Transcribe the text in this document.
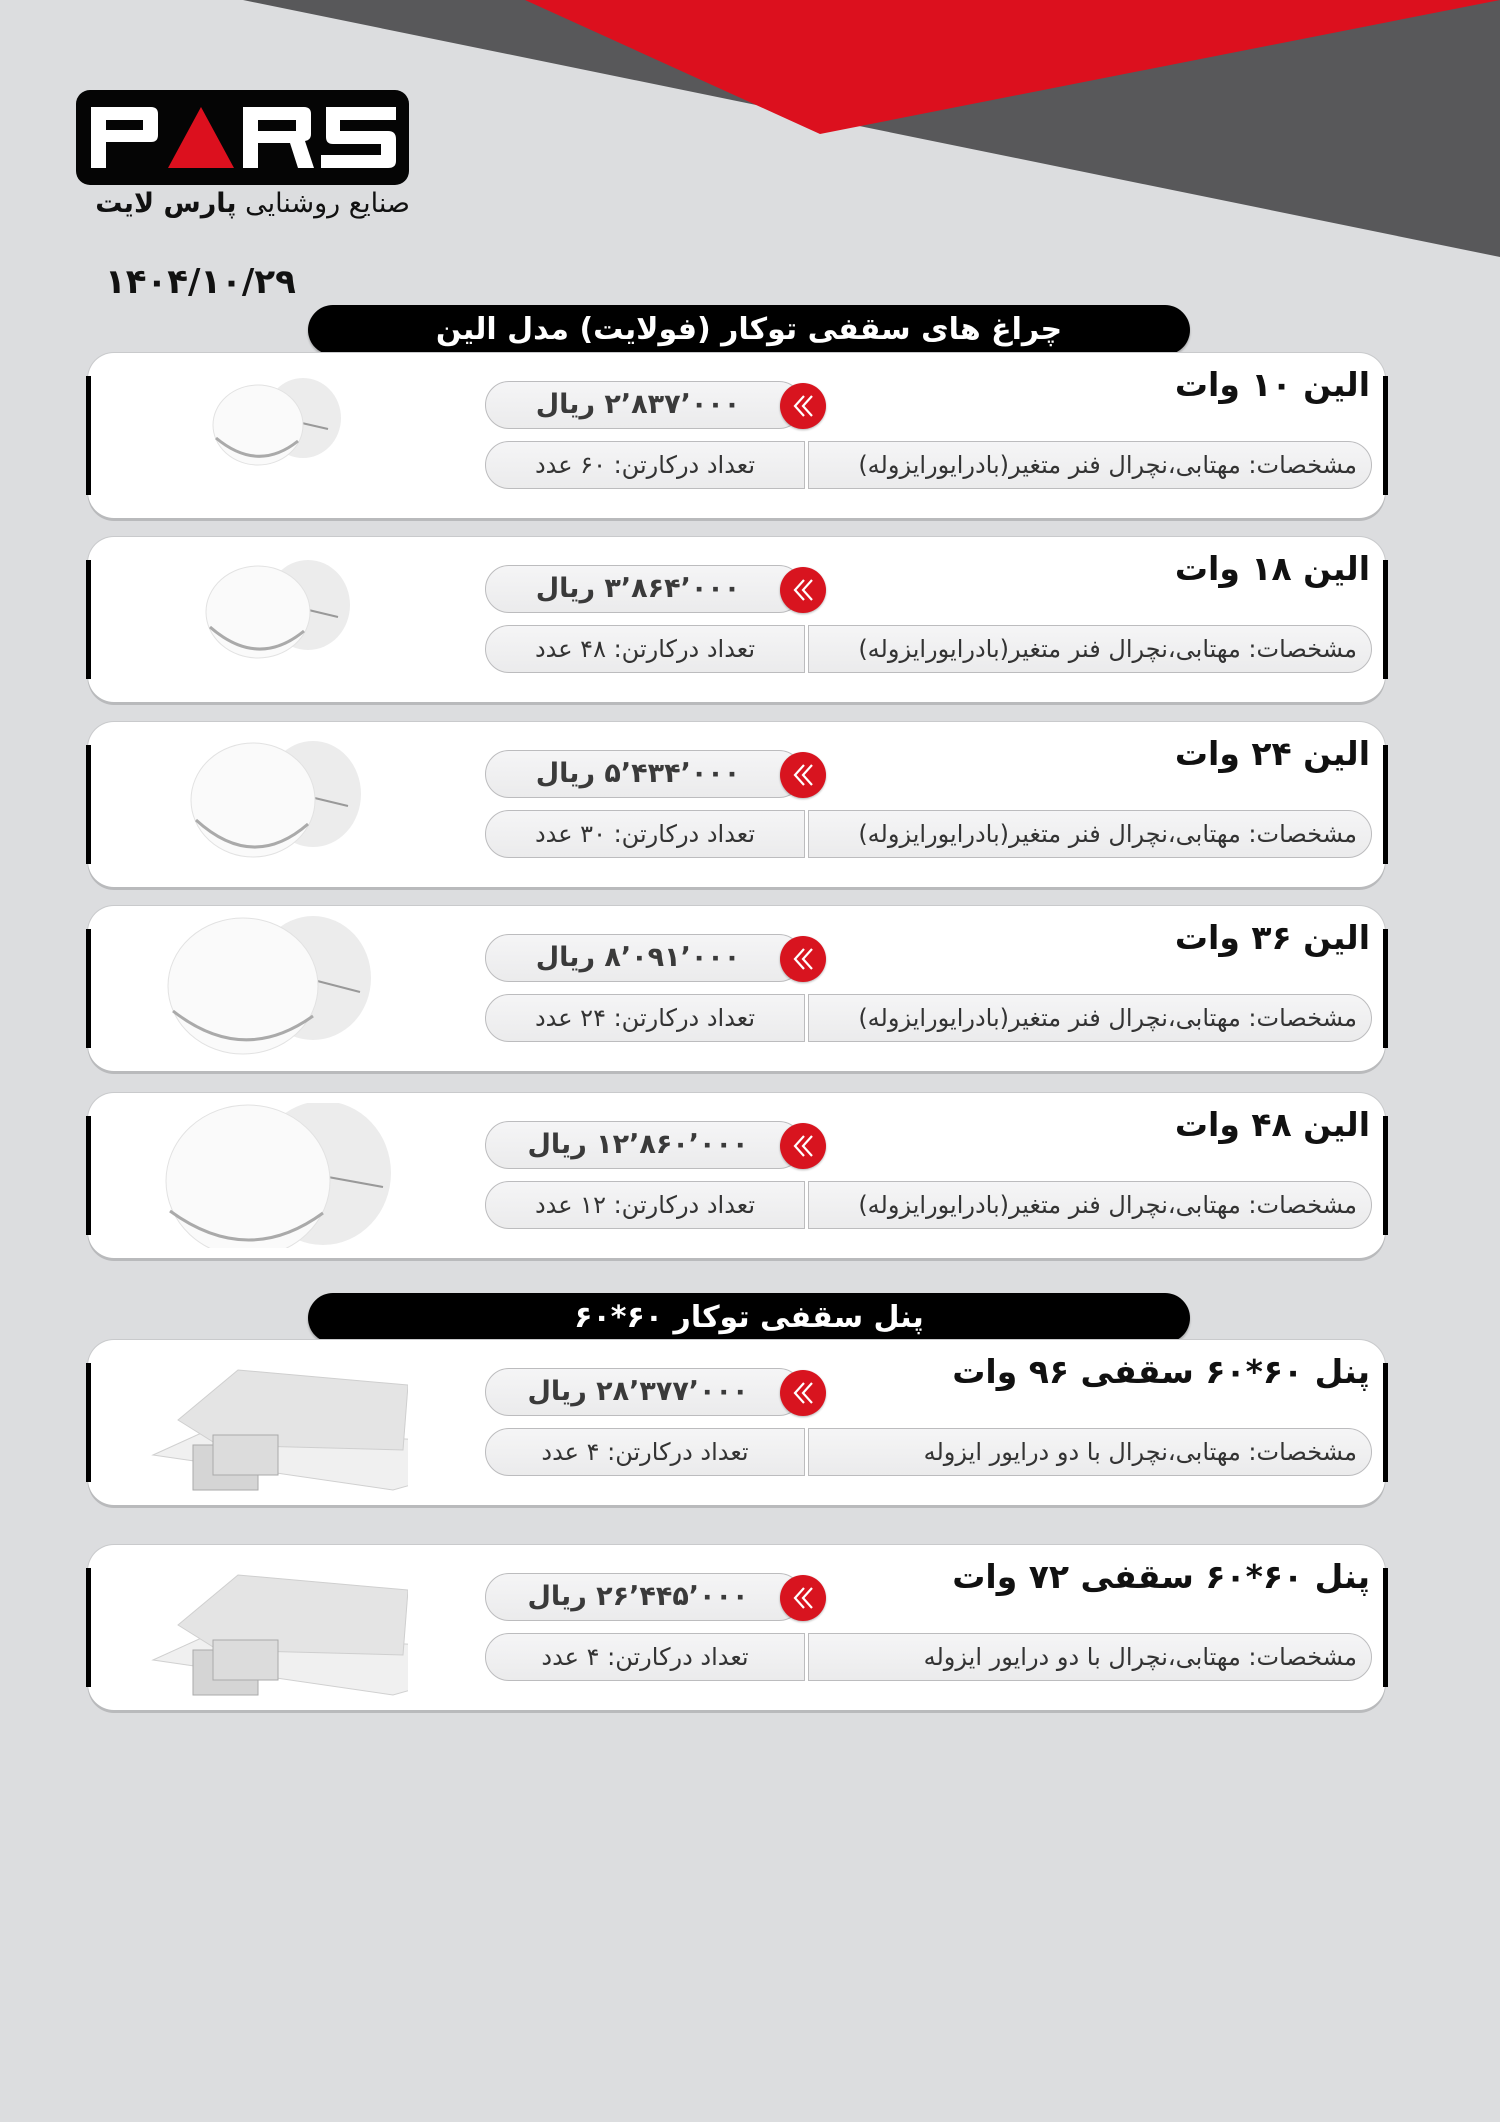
صنایع روشنایی پارس لایت
۱۴۰۴/۱۰/۲۹
چراغ های سقفی توکار (فولایت) مدل الین
الین ۱۰ وات
۲٬۸۳۷٬۰۰۰ ریال
تعداد درکارتن: ۶۰ عدد	مشخصات: مهتابی،نچرال فنر متغیر(بادرایورایزوله)
الین ۱۸ وات
۳٬۸۶۴٬۰۰۰ ریال
تعداد درکارتن: ۴۸ عدد	مشخصات: مهتابی،نچرال فنر متغیر(بادرایورایزوله)
الین ۲۴ وات
۵٬۴۳۴٬۰۰۰ ریال
تعداد درکارتن: ۳۰ عدد	مشخصات: مهتابی،نچرال فنر متغیر(بادرایورایزوله)
الین ۳۶ وات
۸٬۰۹۱٬۰۰۰ ریال
تعداد درکارتن: ۲۴ عدد	مشخصات: مهتابی،نچرال فنر متغیر(بادرایورایزوله)
الین ۴۸ وات
۱۲٬۸۶۰٬۰۰۰ ریال
تعداد درکارتن: ۱۲ عدد	مشخصات: مهتابی،نچرال فنر متغیر(بادرایورایزوله)
پنل سقفی توکار ۶۰*۶۰
پنل ۶۰*۶۰ سقفی ۹۶ وات
۲۸٬۳۷۷٬۰۰۰ ریال
تعداد درکارتن: ۴ عدد	مشخصات: مهتابی،نچرال با دو درایور ایزوله
پنل ۶۰*۶۰ سقفی ۷۲ وات
۲۶٬۴۴۵٬۰۰۰ ریال
تعداد درکارتن: ۴ عدد	مشخصات: مهتابی،نچرال با دو درایور ایزوله
